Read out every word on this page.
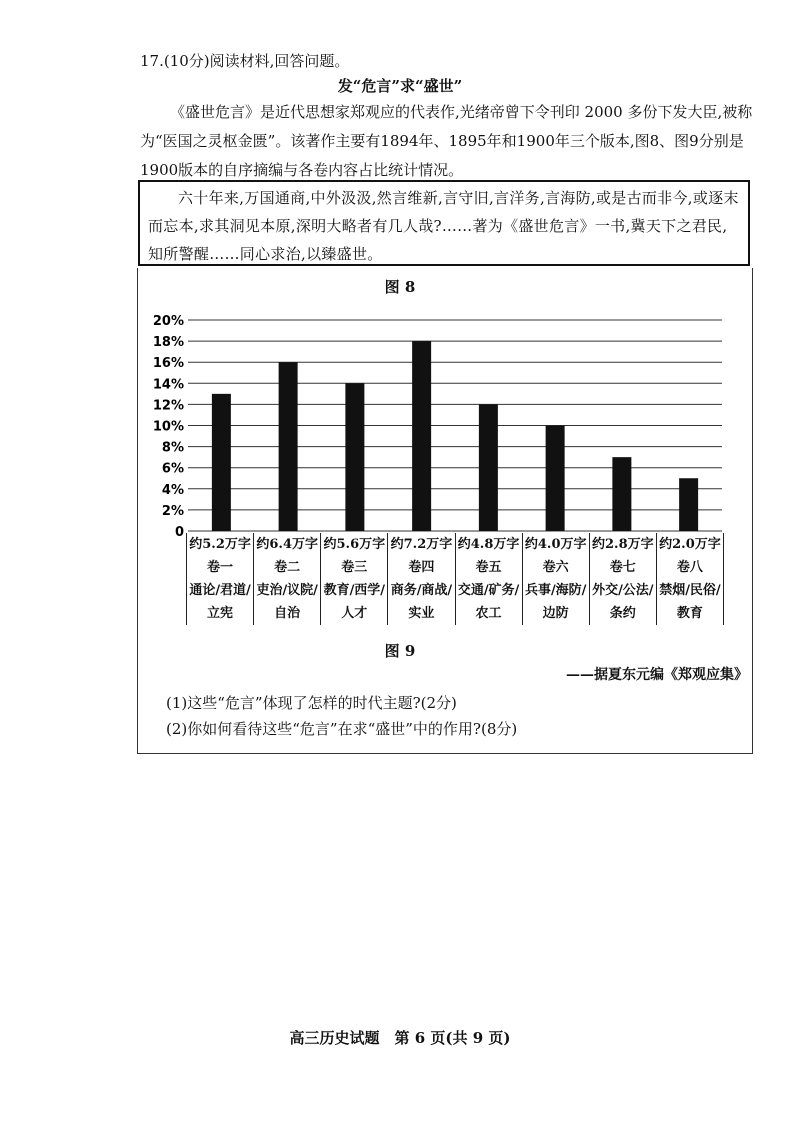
17.(10分)阅读材料,回答问题。
发“危言”求“盛世”

《盛世危言》是近代思想家郑观应的代表作,光绪帝曾下令刊印 2000 多份下发大臣,被称为“医国之灵枢金匮”。该著作主要有1894年、1895年和1900年三个版本,图8、图9分别是1900版本的自序摘编与各卷内容占比统计情况。

六十年来,万国通商,中外汲汲,然言维新,言守旧,言洋务,言海防,或是古而非今,或逐末而忘本,求其洞见本原,深明大略者有几人哉?……著为《盛世危言》一书,冀天下之君民,知所警醒……同心求治,以臻盛世。

图 8
0
2%
4%
6%
8%
10%
12%
14%
16%
18%
20%
约5.2万字
卷一
通论/君道/
立宪
约6.4万字
卷二
吏治/议院/
自治
约5.6万字
卷三
教育/西学/
人才
约7.2万字
卷四
商务/商战/
实业
约4.8万字
卷五
交通/矿务/
农工
约4.0万字
卷六
兵事/海防/
边防
约2.8万字
卷七
外交/公法/
条约
约2.0万字
卷八
禁烟/民俗/
教育
图 9
——据夏东元编《郑观应集》
(1)这些“危言”体现了怎样的时代主题?(2分)
(2)你如何看待这些“危言”在求“盛世”中的作用?(8分)
高三历史试题　第 6 页(共 9 页)
